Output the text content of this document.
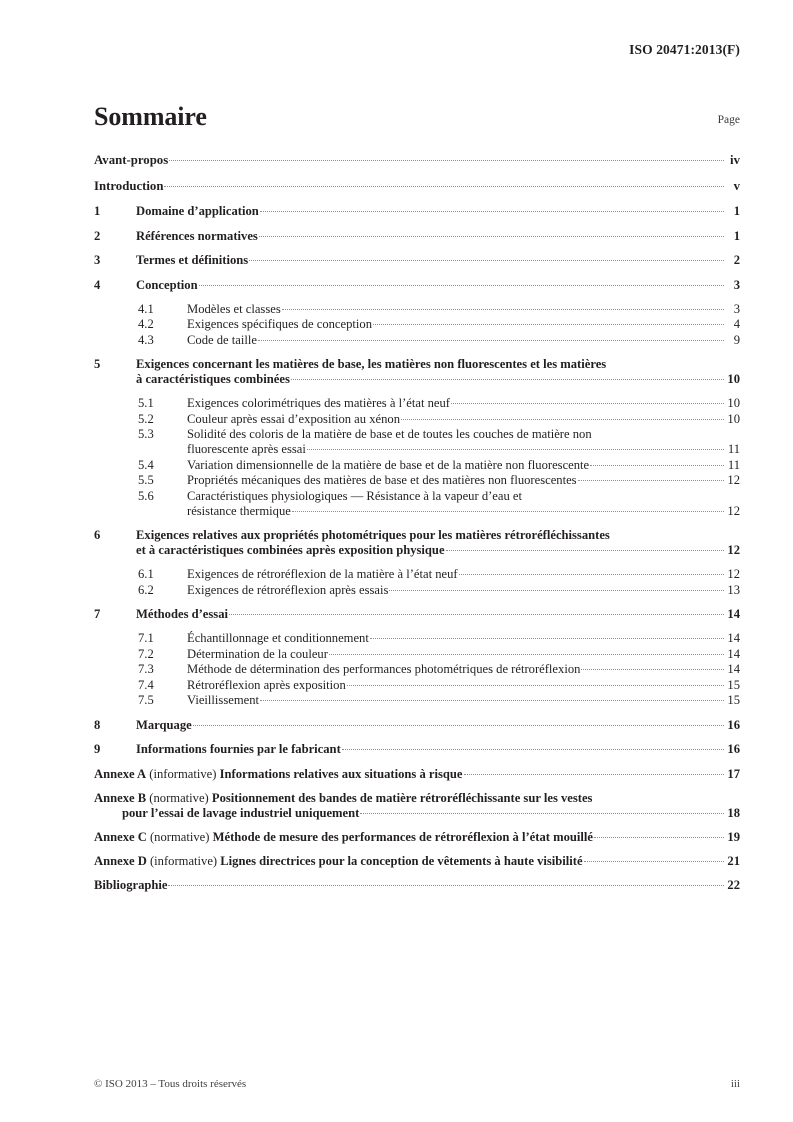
ISO 20471:2013(F)
Sommaire	Page
Avant-propos	iv
Introduction	v
1	Domaine d’application	1
2	Références normatives	1
3	Termes et définitions	2
4	Conception	3
4.1	Modèles et classes	3
4.2	Exigences spécifiques de conception	4
4.3	Code de taille	9
5	Exigences concernant les matières de base, les matières non fluorescentes et les matières
à caractéristiques combinées	10
5.1	Exigences colorimétriques des matières à l’état neuf	10
5.2	Couleur après essai d’exposition au xénon	10
5.3	Solidité des coloris de la matière de base et de toutes les couches de matière non
fluorescente après essai	11
5.4	Variation dimensionnelle de la matière de base et de la matière non fluorescente	11
5.5	Propriétés mécaniques des matières de base et des matières non fluorescentes	12
5.6	Caractéristiques physiologiques — Résistance à la vapeur d’eau et
résistance thermique	12
6	Exigences relatives aux propriétés photométriques pour les matières rétroréfléchissantes
et à caractéristiques combinées après exposition physique	12
6.1	Exigences de rétroréflexion de la matière à l’état neuf	12
6.2	Exigences de rétroréflexion après essais	13
7	Méthodes d’essai	14
7.1	Échantillonnage et conditionnement	14
7.2	Détermination de la couleur	14
7.3	Méthode de détermination des performances photométriques de rétroréflexion	14
7.4	Rétroréflexion après exposition	15
7.5	Vieillissement	15
8	Marquage	16
9	Informations fournies par le fabricant	16
Annexe A
(informative)
Informations relatives aux situations à risque	17
Annexe B
(normative)
Positionnement des bandes de matière rétroréfléchissante sur les vestes
pour l’essai de lavage industriel uniquement	18
Annexe C
(normative)
Méthode de mesure des performances de rétroréflexion à l’état mouillé	19
Annexe D
(informative)
Lignes directrices pour la conception de vêtements à haute visibilité	21
Bibliographie	22
© ISO 2013 – Tous droits réservés	iii
